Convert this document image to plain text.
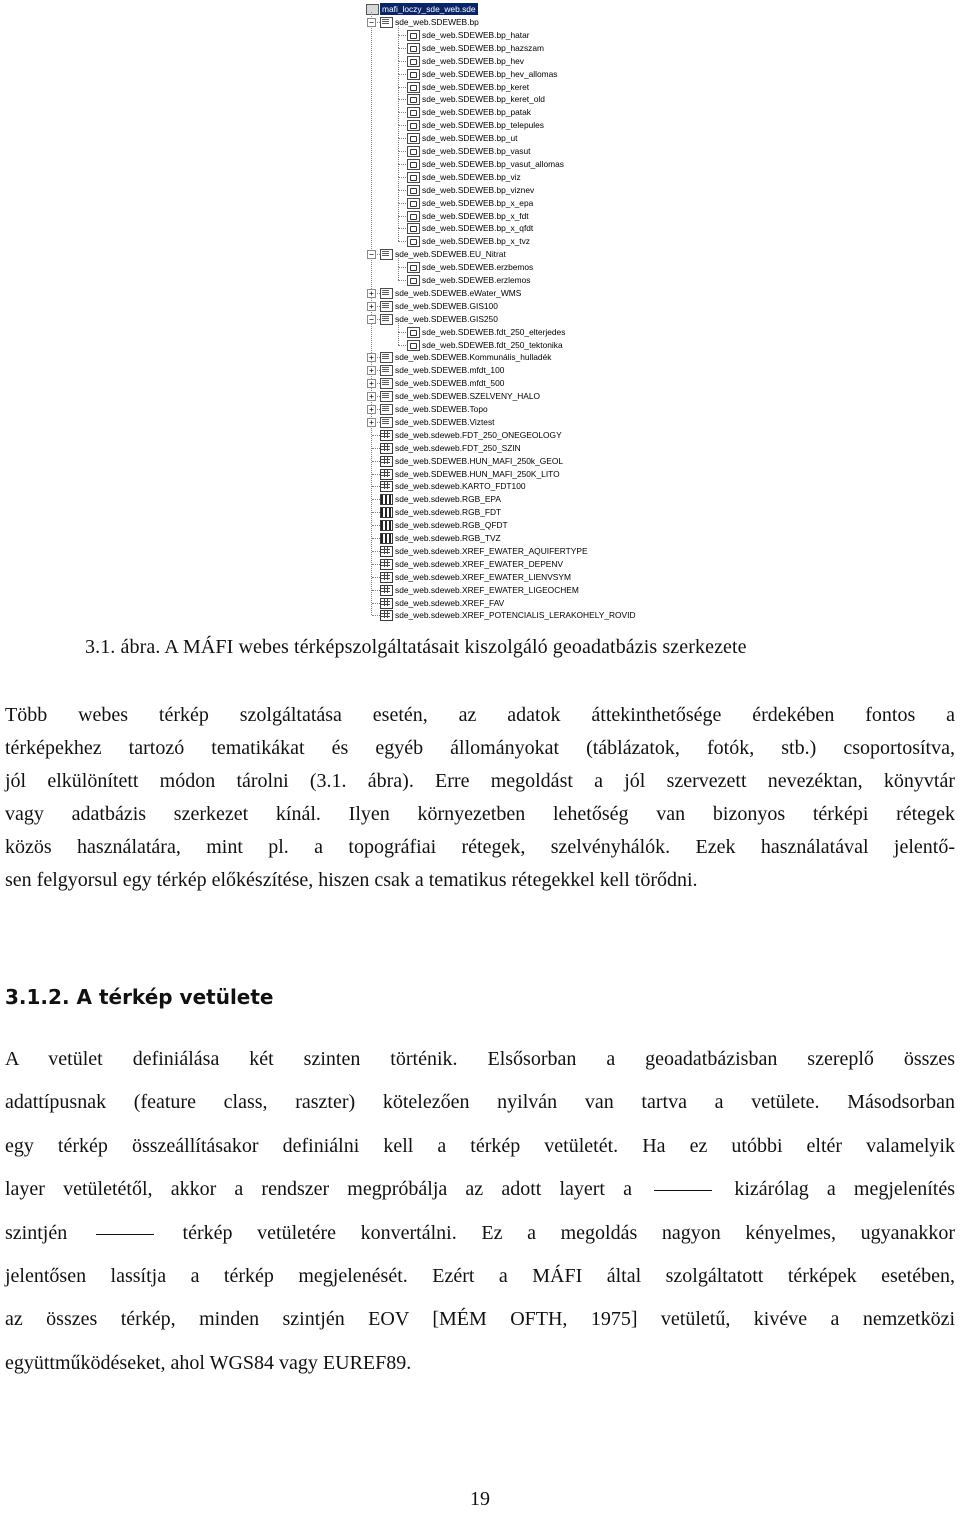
mafi_loczy_sde_web.sde
−	sde_web.SDEWEB.bp
sde_web.SDEWEB.bp_hatar
sde_web.SDEWEB.bp_hazszam
sde_web.SDEWEB.bp_hev
sde_web.SDEWEB.bp_hev_allomas
sde_web.SDEWEB.bp_keret
sde_web.SDEWEB.bp_keret_old
sde_web.SDEWEB.bp_patak
sde_web.SDEWEB.bp_telepules
sde_web.SDEWEB.bp_ut
sde_web.SDEWEB.bp_vasut
sde_web.SDEWEB.bp_vasut_allomas
sde_web.SDEWEB.bp_viz
sde_web.SDEWEB.bp_viznev
sde_web.SDEWEB.bp_x_epa
sde_web.SDEWEB.bp_x_fdt
sde_web.SDEWEB.bp_x_qfdt
sde_web.SDEWEB.bp_x_tvz
−	sde_web.SDEWEB.EU_Nitrat
sde_web.SDEWEB.erzbemos
sde_web.SDEWEB.erzlemos
+	sde_web.SDEWEB.eWater_WMS
+	sde_web.SDEWEB.GIS100
−	sde_web.SDEWEB.GIS250
sde_web.SDEWEB.fdt_250_elterjedes
sde_web.SDEWEB.fdt_250_tektonika
+	sde_web.SDEWEB.Kommunális_hulladék
+	sde_web.SDEWEB.mfdt_100
+	sde_web.SDEWEB.mfdt_500
+	sde_web.SDEWEB.SZELVENY_HALO
+	sde_web.SDEWEB.Topo
+	sde_web.SDEWEB.Viztest
sde_web.sdeweb.FDT_250_ONEGEOLOGY
sde_web.sdeweb.FDT_250_SZIN
sde_web.SDEWEB.HUN_MAFI_250k_GEOL
sde_web.SDEWEB.HUN_MAFI_250K_LITO
sde_web.sdeweb.KARTO_FDT100
sde_web.sdeweb.RGB_EPA
sde_web.sdeweb.RGB_FDT
sde_web.sdeweb.RGB_QFDT
sde_web.sdeweb.RGB_TVZ
sde_web.sdeweb.XREF_EWATER_AQUIFERTYPE
sde_web.sdeweb.XREF_EWATER_DEPENV
sde_web.sdeweb.XREF_EWATER_LIENVSYM
sde_web.sdeweb.XREF_EWATER_LIGEOCHEM
sde_web.sdeweb.XREF_FAV
sde_web.sdeweb.XREF_POTENCIALIS_LERAKOHELY_ROVID
3.1. ábra. A MÁFI webes térképszolgáltatásait kiszolgáló geoadatbázis szerkezete
Több webes térkép szolgáltatása esetén, az adatok áttekinthetősége érdekében fontos a
térképekhez tartozó tematikákat és egyéb állományokat (táblázatok, fotók, stb.) csoportosítva,
jól elkülönített módon tárolni (3.1. ábra). Erre megoldást a jól szervezett nevezéktan, könyvtár
vagy adatbázis szerkezet kínál. Ilyen környezetben lehetőség van bizonyos térképi rétegek
közös használatára, mint pl. a topográfiai rétegek, szelvényhálók. Ezek használatával jelentő-
sen felgyorsul egy térkép előkészítése, hiszen csak a tematikus rétegekkel kell törődni.
3.1.2. A térkép vetülete
A vetület definiálása két szinten történik. Elsősorban a geoadatbázisban szereplő összes
adattípusnak (feature class, raszter) kötelezően nyilván van tartva a vetülete. Másodsorban
egy térkép összeállításakor definiálni kell a térkép vetületét. Ha ez utóbbi eltér valamelyik
layer vetületétől, akkor a rendszer megpróbálja az adott layert a	kizárólag a megjelenítés
szintjén	térkép vetületére konvertálni. Ez a megoldás nagyon kényelmes, ugyanakkor
jelentősen lassítja a térkép megjelenését. Ezért a MÁFI által szolgáltatott térképek esetében,
az összes térkép, minden szintjén EOV [MÉM OFTH, 1975] vetületű, kivéve a nemzetközi
együttműködéseket, ahol WGS84 vagy EUREF89.
19
